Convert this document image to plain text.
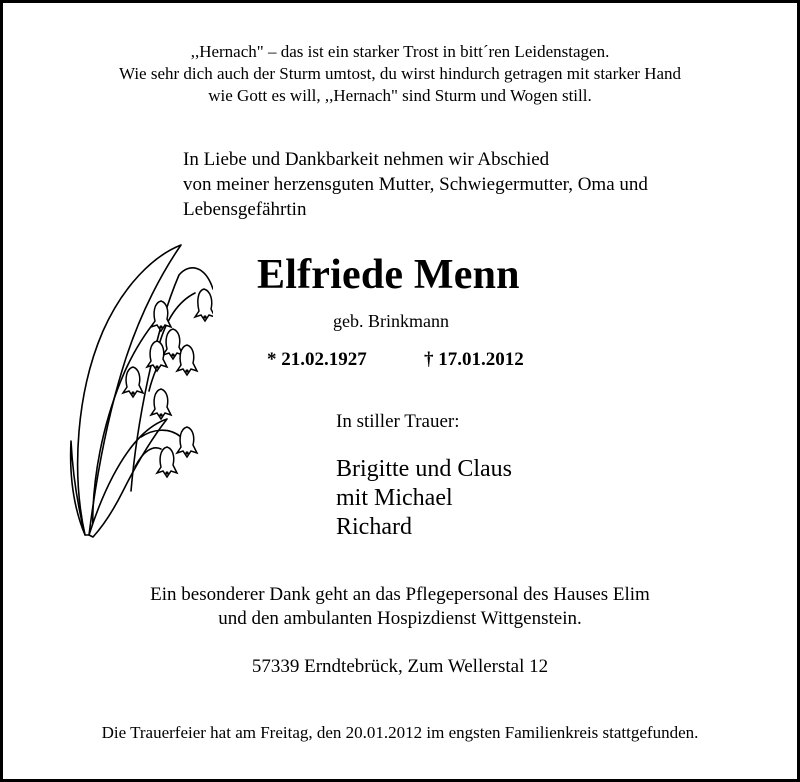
,,Hernach" – das ist ein starker Trost in bitt´ren Leidenstagen.
Wie sehr dich auch der Sturm umtost, du wirst hindurch getragen mit starker Hand
wie Gott es will, ,,Hernach" sind Sturm und Wogen still.
In Liebe und Dankbarkeit nehmen wir Abschied
von meiner herzensguten Mutter, Schwiegermutter, Oma und
Lebensgefährtin
Elfriede Menn
geb. Brinkmann
* 21.02.1927	† 17.01.2012
In stiller Trauer:
Brigitte und Claus
mit Michael
Richard
Ein besonderer Dank geht an das Pflegepersonal des Hauses Elim
und den ambulanten Hospizdienst Wittgenstein.
57339 Erndtebrück, Zum Wellerstal 12
Die Trauerfeier hat am Freitag, den 20.01.2012 im engsten Familienkreis stattgefunden.
